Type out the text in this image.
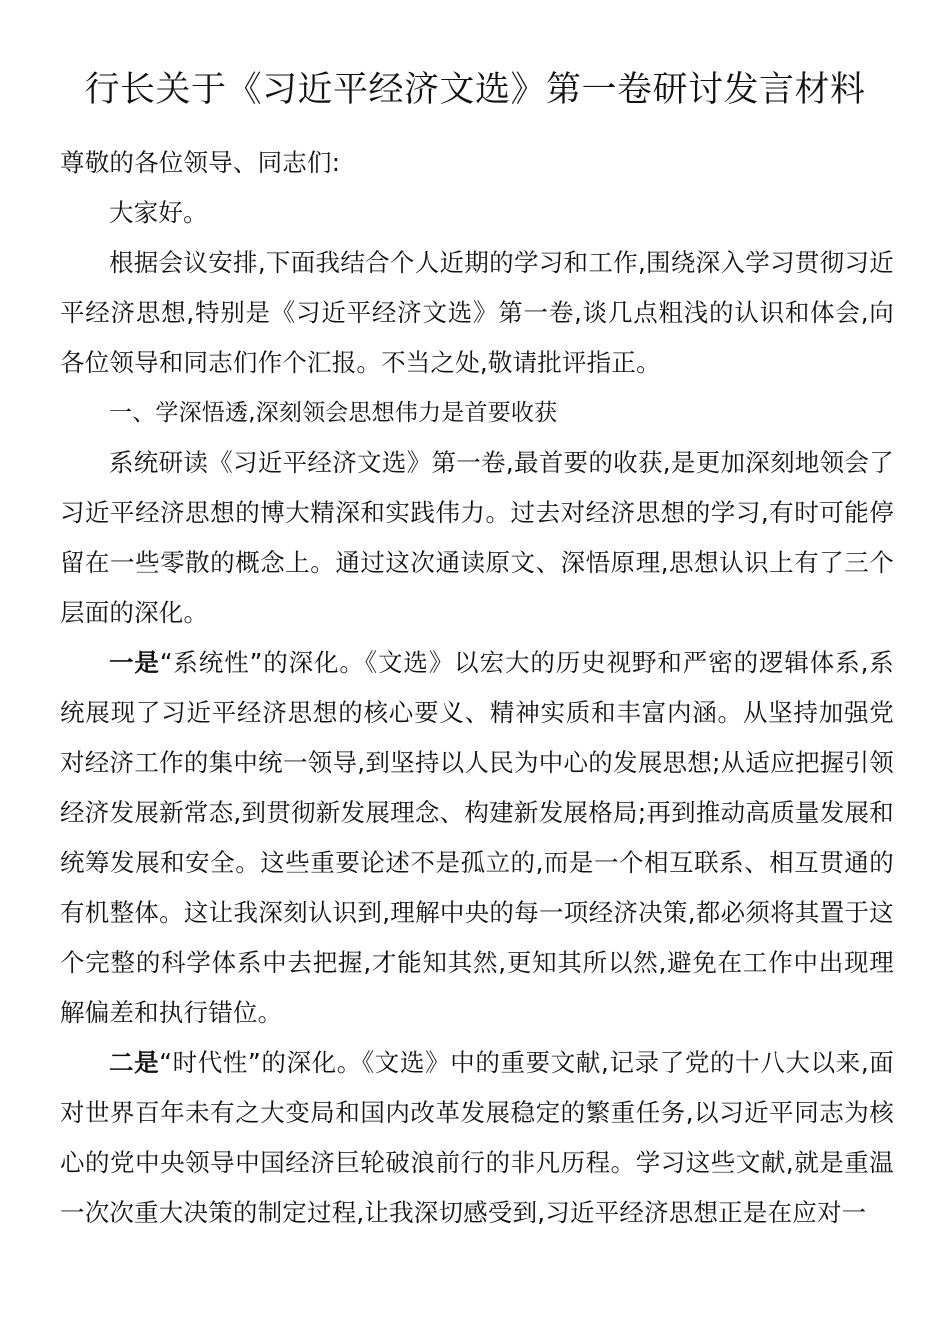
行长关于《习近平经济文选》第一卷研讨发言材料

尊敬的各位领导、同志们:

大家好。

根据会议安排,下面我结合个人近期的学习和工作,围绕深入学习贯彻习近平经济思想,特别是《习近平经济文选》第一卷,谈几点粗浅的认识和体会,向各位领导和同志们作个汇报。不当之处,敬请批评指正。

一、学深悟透,深刻领会思想伟力是首要收获

系统研读《习近平经济文选》第一卷,最首要的收获,是更加深刻地领会了习近平经济思想的博大精深和实践伟力。过去对经济思想的学习,有时可能停留在一些零散的概念上。通过这次通读原文、深悟原理,思想认识上有了三个层面的深化。

一是“系统性”的深化。《文选》以宏大的历史视野和严密的逻辑体系,系统展现了习近平经济思想的核心要义、精神实质和丰富内涵。从坚持加强党对经济工作的集中统一领导,到坚持以人民为中心的发展思想;从适应把握引领经济发展新常态,到贯彻新发展理念、构建新发展格局;再到推动高质量发展和统筹发展和安全。这些重要论述不是孤立的,而是一个相互联系、相互贯通的有机整体。这让我深刻认识到,理解中央的每一项经济决策,都必须将其置于这个完整的科学体系中去把握,才能知其然,更知其所以然,避免在工作中出现理解偏差和执行错位。

二是“时代性”的深化。《文选》中的重要文献,记录了党的十八大以来,面对世界百年未有之大变局和国内改革发展稳定的繁重任务,以习近平同志为核心的党中央领导中国经济巨轮破浪前行的非凡历程。学习这些文献,就是重温一次次重大决策的制定过程,让我深切感受到,习近平经济思想正是在应对一
